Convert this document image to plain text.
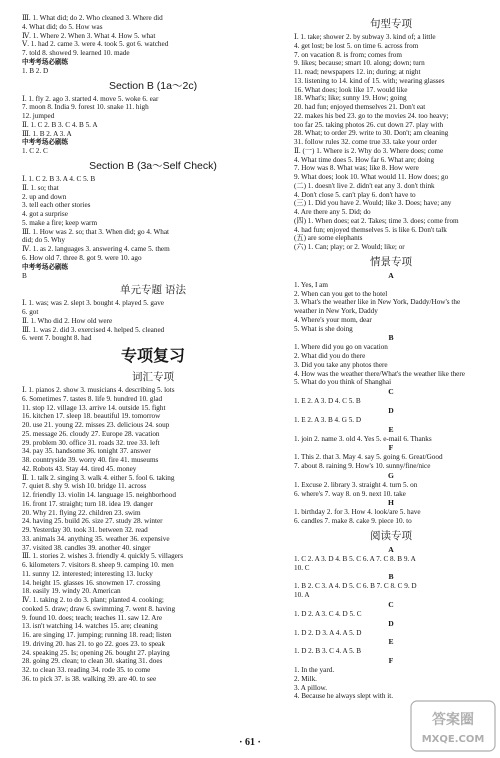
Ⅲ. 1. What did; do 2. Who cleaned 3. Where did
4. What did; do 5. How was
Ⅳ. 1. Where 2. When 3. What 4. How 5. what
Ⅴ. 1. had 2. came 3. were 4. took 5. got 6. watched
7. told 8. showed 9. learned 10. made
中考考场必刷练
1. B 2. D
Section B (1a～2c)
Ⅰ. 1. fly 2. ago 3. started 4. move 5. woke 6. ear
7. moon 8. India 9. forest 10. snake 11. high
12. jumped
Ⅱ. 1. C 2. B 3. C 4. B 5. A
Ⅲ. 1. B 2. A 3. A
中考考场必刷练
1. C 2. C
Section B (3a～Self Check)
Ⅰ. 1. C 2. B 3. A 4. C 5. B
Ⅱ. 1. so; that
2. up and down
3. tell each other stories
4. got a surprise
5. make a fire; keep warm
Ⅲ. 1. How was 2. so; that 3. When did; go 4. What
did; do 5. Why
Ⅳ. 1. as 2. languages 3. answering 4. came 5. them
6. How old 7. three 8. got 9. were 10. ago
中考考场必刷练
B
单元专题 语法
Ⅰ. 1. was; was 2. slept 3. bought 4. played 5. gave
6. got
Ⅱ. 1. Who did 2. How old were
Ⅲ. 1. was 2. did 3. exercised 4. helped 5. cleaned
6. went 7. bought 8. had
专项复习
词汇专项
Ⅰ. 1. pianos 2. show 3. musicians 4. describing 5. lots
6. Sometimes 7. tastes 8. life 9. hundred 10. glad
11. stop 12. village 13. arrive 14. outside 15. fight
16. kitchen 17. sleep 18. beautiful 19. tomorrow
20. use 21. young 22. misses 23. delicious 24. soup
25. message 26. cloudy 27. Europe 28. vacation
29. problem 30. office 31. roads 32. tree 33. left
34. pay 35. handsome 36. tonight 37. answer
38. countryside 39. worry 40. fire 41. museums
42. Robots 43. Stay 44. tired 45. money
Ⅱ. 1. talk 2. singing 3. walk 4. either 5. fool 6. taking
7. quiet 8. shy 9. wish 10. bridge 11. across
12. friendly 13. violin 14. language 15. neighborhood
16. front 17. straight; turn 18. idea 19. danger
20. Why 21. flying 22. children 23. swim
24. having 25. build 26. size 27. study 28. winter
29. Yesterday 30. took 31. between 32. read
33. animals 34. anything 35. weather 36. expensive
37. visited 38. candles 39. another 40. singer
Ⅲ. 1. stories 2. wishes 3. friendly 4. quickly 5. villagers
6. kilometers 7. visitors 8. sheep 9. camping 10. men
11. sunny 12. interested; interesting 13. lucky
14. height 15. glasses 16. snowmen 17. crossing
18. easily 19. windy 20. American
Ⅳ. 1. taking 2. to do 3. plant; planted 4. cooking;
cooked 5. draw; draw 6. swimming 7. went 8. having
9. found 10. does; teach; teaches 11. saw 12. Are
13. isn't watching 14. watches 15. are; cleaning
16. are singing 17. jumping; running 18. read; listen
19. driving 20. has 21. to go 22. goes 23. to speak
24. speaking 25. Is; opening 26. bought 27. playing
28. going 29. clean; to clean 30. skating 31. does
32. to clean 33. reading 34. rode 35. to come
36. to pick 37. is 38. walking 39. are 40. to see
句型专项
Ⅰ. 1. take; shower 2. by subway 3. kind of; a little
4. get lost; be lost 5. on time 6. across from
7. on vacation 8. is from; comes from
9. likes; because; smart 10. along; down; turn
11. read; newspapers 12. in; during; at night
13. listening to 14. kind of 15. with; wearing glasses
16. What does; look like 17. would like
18. What's; like; sunny 19. How; going
20. had fun; enjoyed themselves 21. Don't eat
22. makes his bed 23. go to the movies 24. too heavy;
too far 25. taking photos 26. cut down 27. play with
28. What; to order 29. write to 30. Don't; am cleaning
31. follow rules 32. come true 33. take your order
Ⅱ. (一) 1. Where is 2. Why do 3. Where does; come
4. What time does 5. How far 6. What are; doing
7. How was 8. What was; like 8. How were
9. What does; look 10. What would 11. How does; go
(二) 1. doesn't live 2. didn't eat any 3. don't think
4. Don't close 5. can't play 6. don't have to
(三) 1. Did you have 2. Would; like 3. Does; have; any
4. Are there any 5. Did; do
(四) 1. When does; eat 2. Takes; time 3. does; come from
4. had fun; enjoyed themselves 5. is like 6. Don't talk
(五) are some elephants
(六) 1. Can; play; or 2. Would; like; or
情景专项
A
1. Yes, I am
2. When can you get to the hotel
3. What's the weather like in New York, Daddy/How's the
weather in New York, Daddy
4. Where's your mom, dear
5. What is she doing
B
1. Where did you go on vacation
2. What did you do there
3. Did you take any photos there
4. How was the weather there/What's the weather like there
5. What do you think of Shanghai
C
1. E 2. A 3. D 4. C 5. B
D
1. E 2. A 3. B 4. G 5. D
E
1. join 2. name 3. old 4. Yes 5. e-mail 6. Thanks
F
1. This 2. that 3. May 4. say 5. going 6. Great/Good
7. about 8. raining 9. How's 10. sunny/fine/nice
G
1. Excuse 2. library 3. straight 4. turn 5. on
6. where's 7. way 8. on 9. next 10. take
H
1. birthday 2. for 3. How 4. look/are 5. have
6. candles 7. make 8. cake 9. piece 10. to
阅读专项
A
1. C 2. A 3. D 4. B 5. C 6. A 7. C 8. B 9. A
10. C
B
1. B 2. C 3. A 4. D 5. C 6. B 7. C 8. C 9. D
10. A
C
1. D 2. A 3. C 4. D 5. C
D
1. D 2. D 3. A 4. A 5. D
E
1. D 2. B 3. C 4. A 5. B
F
1. In the yard.
2. Milk.
3. A pillow.
4. Because he always slept with it.
· 61 ·
答案圈
MXQE.COM
